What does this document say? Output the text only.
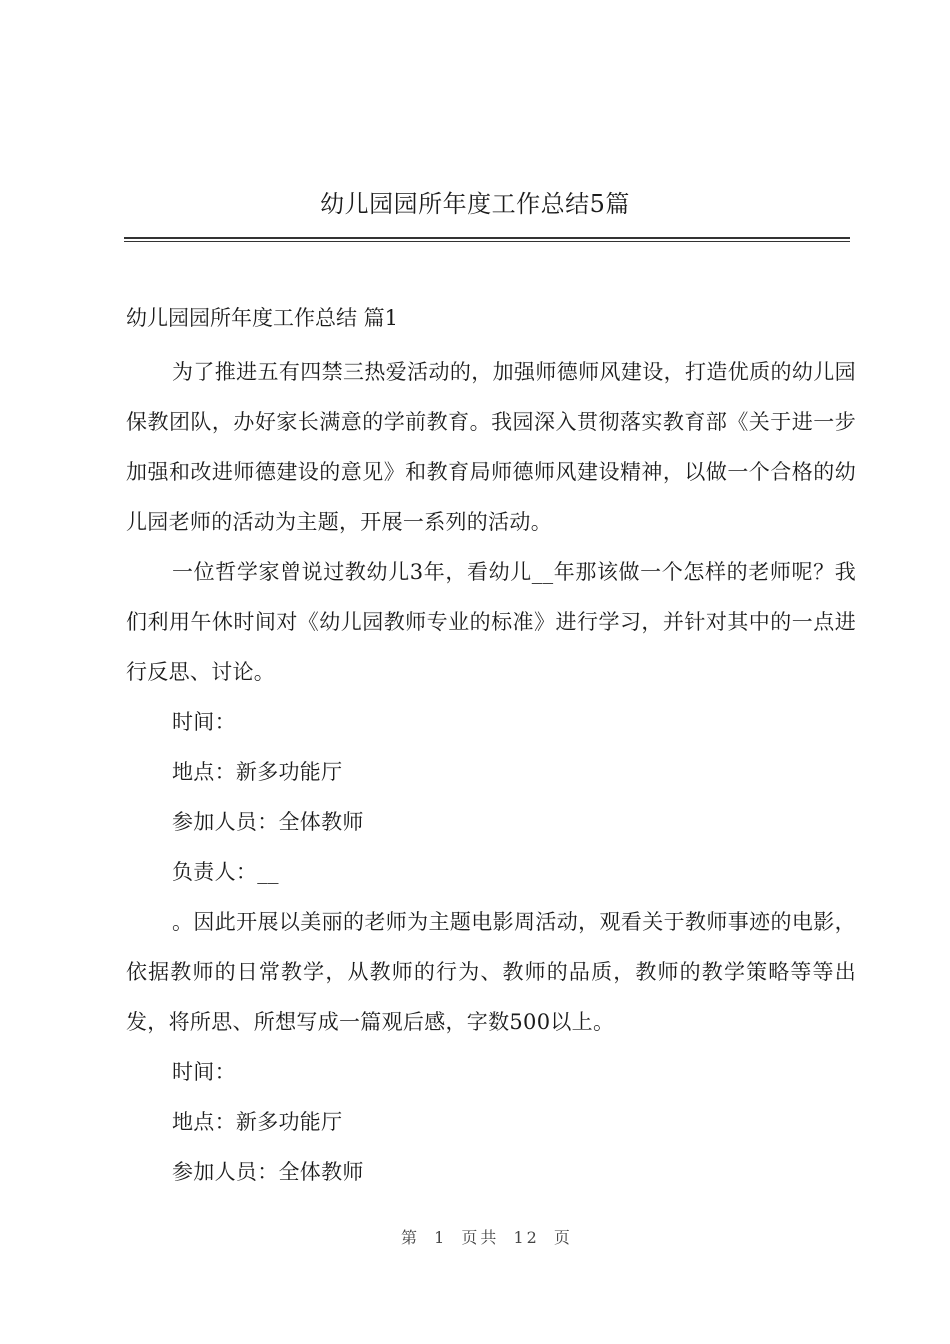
幼儿园园所年度工作总结5篇
幼儿园园所年度工作总结 篇1

为了推进五有四禁三热爱活动的，加强师德师风建设，打造优质的幼儿园保教团队，办好家长满意的学前教育。我园深入贯彻落实教育部《关于进一步加强和改进师德建设的意见》和教育局师德师风建设精神，以做一个合格的幼儿园老师的活动为主题，开展一系列的活动。

一位哲学家曾说过教幼儿3年，看幼儿__年那该做一个怎样的老师呢？我们利用午休时间对《幼儿园教师专业的标准》进行学习，并针对其中的一点进行反思、讨论。

时间：

地点：新多功能厅

参加人员：全体教师

负责人：__

。因此开展以美丽的老师为主题电影周活动，观看关于教师事迹的电影，依据教师的日常教学，从教师的行为、教师的品质，教师的教学策略等等出发，将所思、所想写成一篇观后感，字数500以上。

时间：

地点：新多功能厅

参加人员：全体教师

第 1 页共 12 页
